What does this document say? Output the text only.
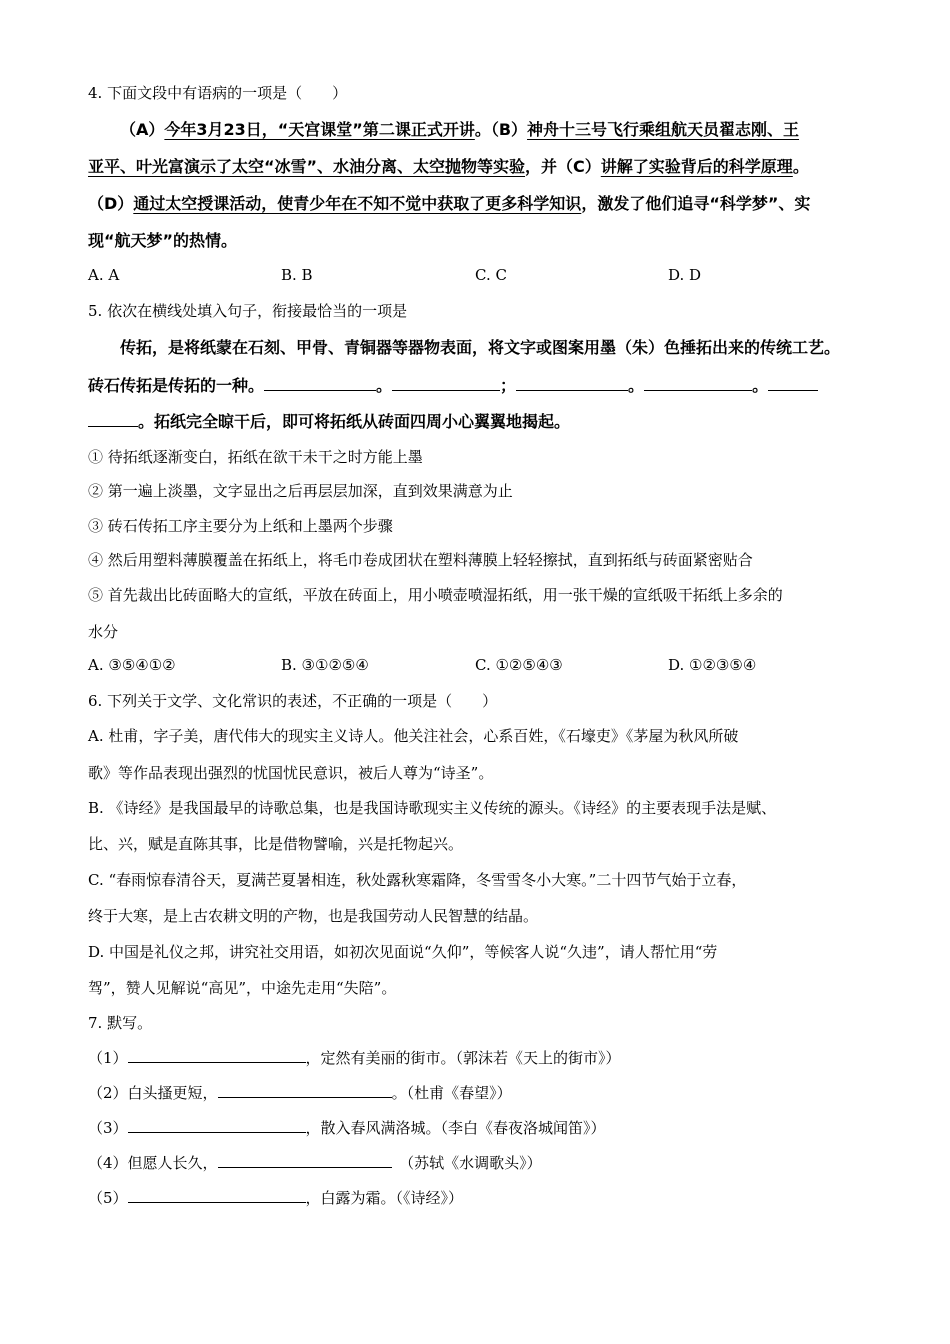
4. 下面文段中有语病的一项是（　　）
（A）今年3月23日，“天宫课堂”第二课正式开讲。（B）神舟十三号飞行乘组航天员翟志刚、王
亚平、叶光富演示了太空“冰雪”、水油分离、太空抛物等实验，并（C）讲解了实验背后的科学原理。
（D）通过太空授课活动，使青少年在不知不觉中获取了更多科学知识，激发了他们追寻“科学梦”、实
现“航天梦”的热情。
A. A	B. B	C. C	D. D
5. 依次在横线处填入句子，衔接最恰当的一项是
传拓，是将纸蒙在石刻、甲骨、青铜器等器物表面，将文字或图案用墨（朱）色捶拓出来的传统工艺。
砖石传拓是传拓的一种。	。	；	。	。
。拓纸完全晾干后，即可将拓纸从砖面四周小心翼翼地揭起。
① 待拓纸逐渐变白，拓纸在欲干未干之时方能上墨
② 第一遍上淡墨，文字显出之后再层层加深，直到效果满意为止
③ 砖石传拓工序主要分为上纸和上墨两个步骤
④ 然后用塑料薄膜覆盖在拓纸上，将毛巾卷成团状在塑料薄膜上轻轻擦拭，直到拓纸与砖面紧密贴合
⑤ 首先裁出比砖面略大的宣纸，平放在砖面上，用小喷壶喷湿拓纸，用一张干燥的宣纸吸干拓纸上多余的
水分
A. ③⑤④①②	B. ③①②⑤④	C. ①②⑤④③	D. ①②③⑤④
6. 下列关于文学、文化常识的表述，不正确的一项是（　　）
A. 杜甫，字子美，唐代伟大的现实主义诗人。他关注社会，心系百姓，《石壕吏》《茅屋为秋风所破
歌》等作品表现出强烈的忧国忧民意识，被后人尊为“诗圣”。
B. 《诗经》是我国最早的诗歌总集，也是我国诗歌现实主义传统的源头。《诗经》的主要表现手法是赋、
比、兴，赋是直陈其事，比是借物譬喻，兴是托物起兴。
C. “春雨惊春清谷天，夏满芒夏暑相连，秋处露秋寒霜降，冬雪雪冬小大寒。”二十四节气始于立春，
终于大寒，是上古农耕文明的产物，也是我国劳动人民智慧的结晶。
D. 中国是礼仪之邦，讲究社交用语，如初次见面说“久仰”，等候客人说“久违”，请人帮忙用“劳
驾”，赞人见解说“高见”，中途先走用“失陪”。
7. 默写。
（1）	，定然有美丽的街市。（郭沫若《天上的街市》）
（2）白头搔更短，	。（杜甫《春望》）
（3）	，散入春风满洛城。（李白《春夜洛城闻笛》）
（4）但愿人长久，	　（苏轼《水调歌头》）
（5）	，白露为霜。（《诗经》）
